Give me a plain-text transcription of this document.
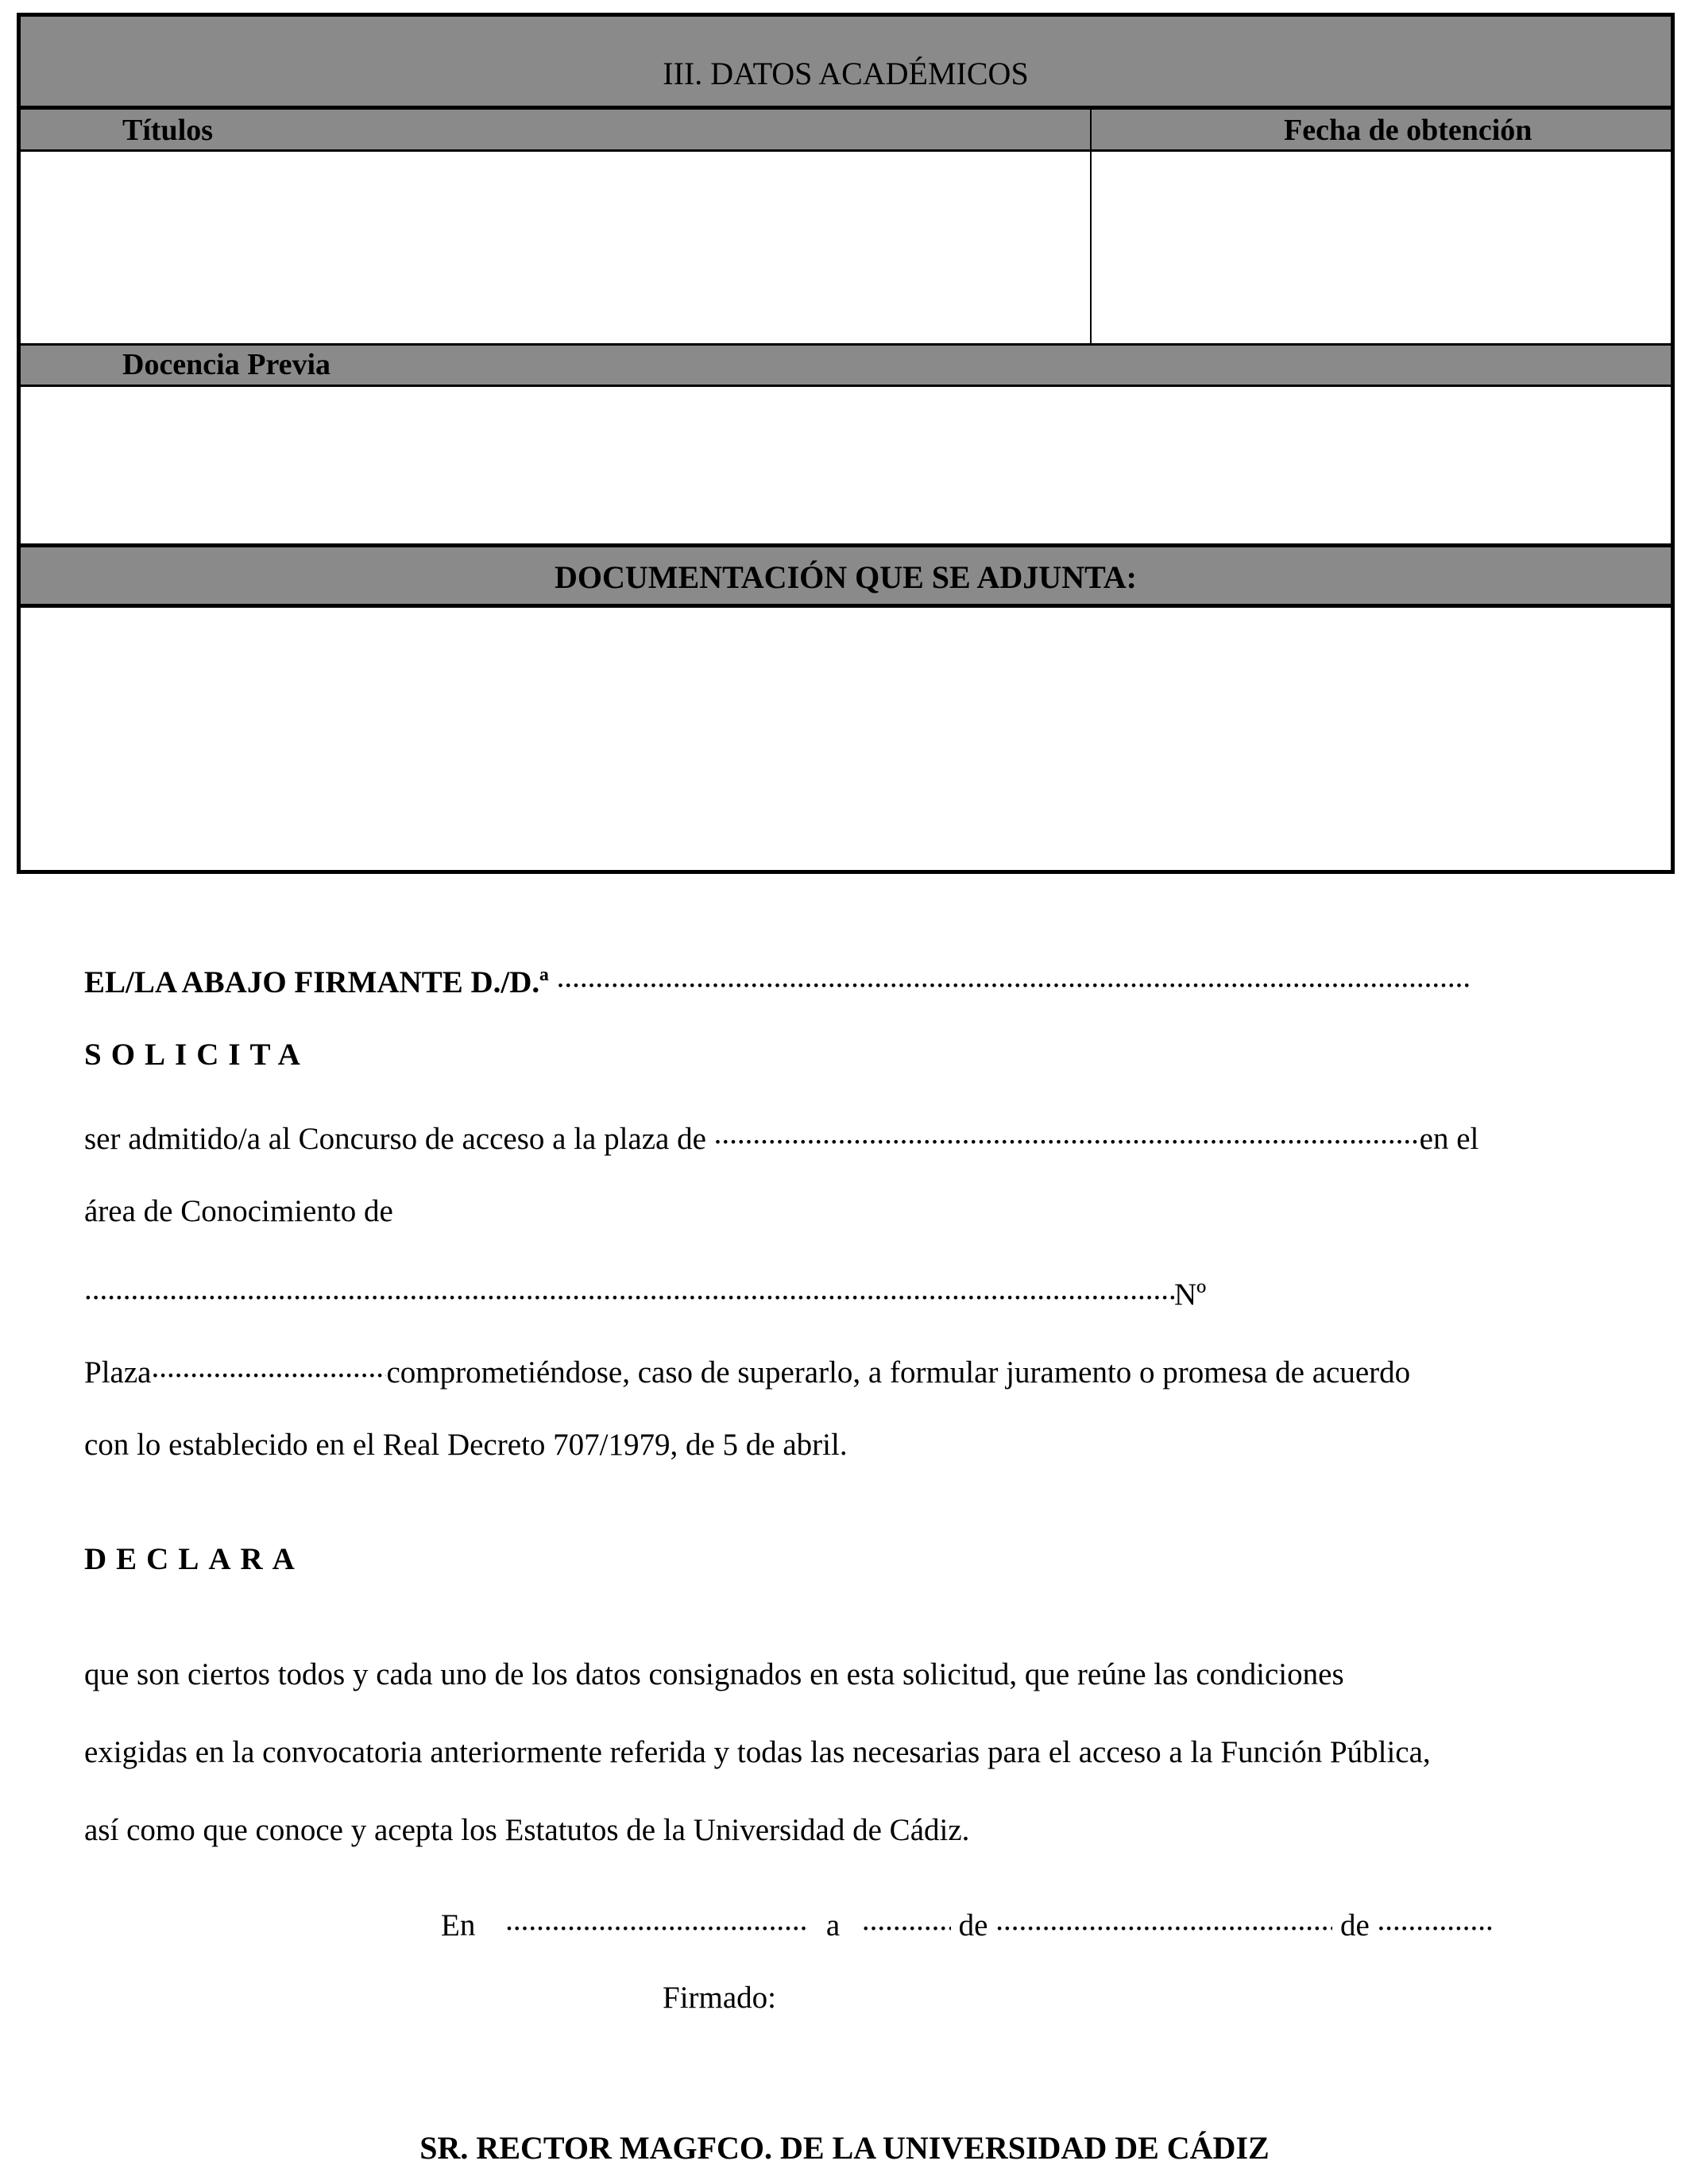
III. DATOS ACADÉMICOS
Títulos	Fecha de obtención
Docencia Previa
DOCUMENTACIÓN QUE SE ADJUNTA:
EL/LA ABAJO FIRMANTE D./D.ª .....
SOLICITA
ser admitido/a al Concurso de acceso a la plaza de .....	en el
área de Conocimiento de
.....Nº
Plaza .....	comprometiéndose, caso de superarlo, a formular juramento o promesa de acuerdo
con lo establecido en el Real Decreto 707/1979, de 5 de abril.
DECLARA
que son ciertos todos y cada uno de los datos consignados en esta solicitud, que reúne las condiciones
exigidas en la convocatoria anteriormente referida y todas las necesarias para el acceso a la Función Pública,
así como que conoce y acepta los Estatutos de la Universidad de Cádiz.
En .....	a .....	de .....	de .....
Firmado:
SR. RECTOR MAGFCO. DE LA UNIVERSIDAD DE CÁDIZ
